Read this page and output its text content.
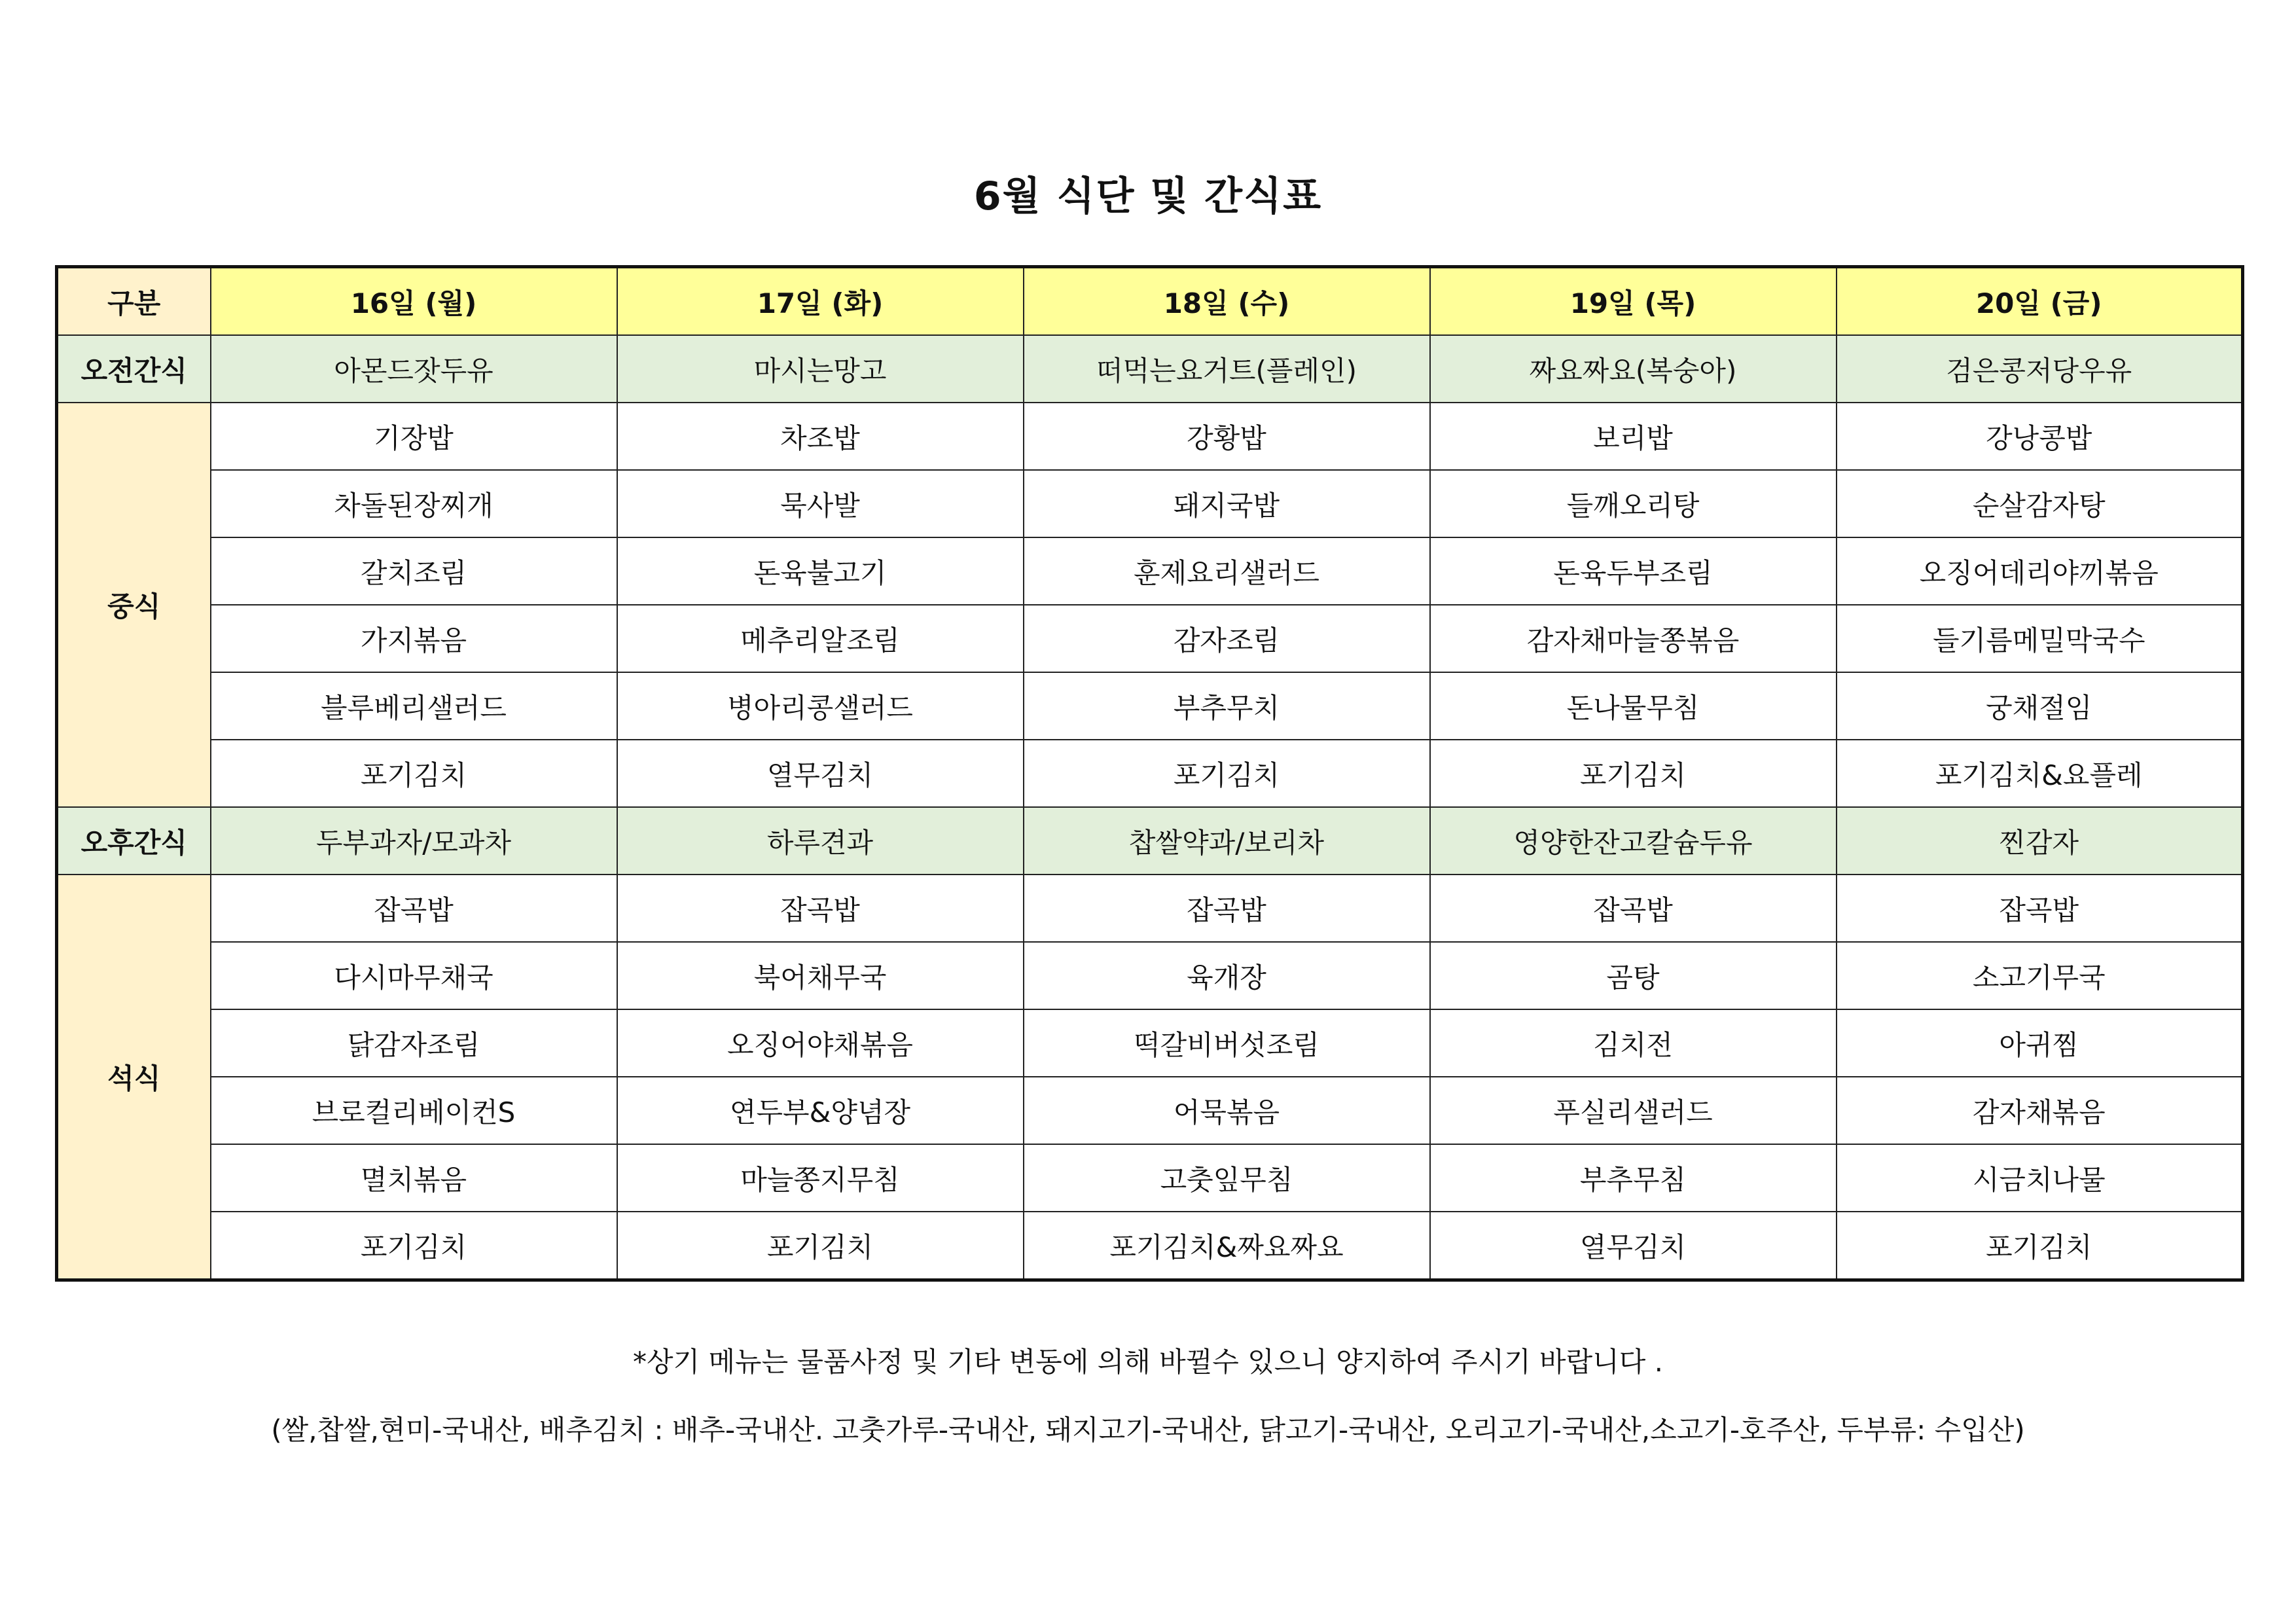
6월 식단 및 간식표
구분	16일 (월)	17일 (화)	18일 (수)	19일 (목)	20일 (금)
오전간식	아몬드잣두유	마시는망고	떠먹는요거트(플레인)	짜요짜요(복숭아)	검은콩저당우유
중식	기장밥	차조밥	강황밥	보리밥	강낭콩밥
	차돌된장찌개	묵사발	돼지국밥	들깨오리탕	순살감자탕
	갈치조림	돈육불고기	훈제요리샐러드	돈육두부조림	오징어데리야끼볶음
	가지볶음	메추리알조림	감자조림	감자채마늘쫑볶음	들기름메밀막국수
	블루베리샐러드	병아리콩샐러드	부추무치	돈나물무침	궁채절임
	포기김치	열무김치	포기김치	포기김치	포기김치&요플레
오후간식	두부과자/모과차	하루견과	찹쌀약과/보리차	영양한잔고칼슘두유	찐감자
석식	잡곡밥	잡곡밥	잡곡밥	잡곡밥	잡곡밥
	다시마무채국	북어채무국	육개장	곰탕	소고기무국
	닭감자조림	오징어야채볶음	떡갈비버섯조림	김치전	아귀찜
	브로컬리베이컨S	연두부&양념장	어묵볶음	푸실리샐러드	감자채볶음
	멸치볶음	마늘쫑지무침	고춧잎무침	부추무침	시금치나물
	포기김치	포기김치	포기김치&짜요짜요	열무김치	포기김치
*상기 메뉴는 물품사정 및 기타 변동에 의해 바뀔수 있으니 양지하여 주시기 바랍니다 .
(쌀,찹쌀,현미-국내산, 배추김치 : 배추-국내산. 고춧가루-국내산, 돼지고기-국내산, 닭고기-국내산, 오리고기-국내산,소고기-호주산, 두부류: 수입산)
